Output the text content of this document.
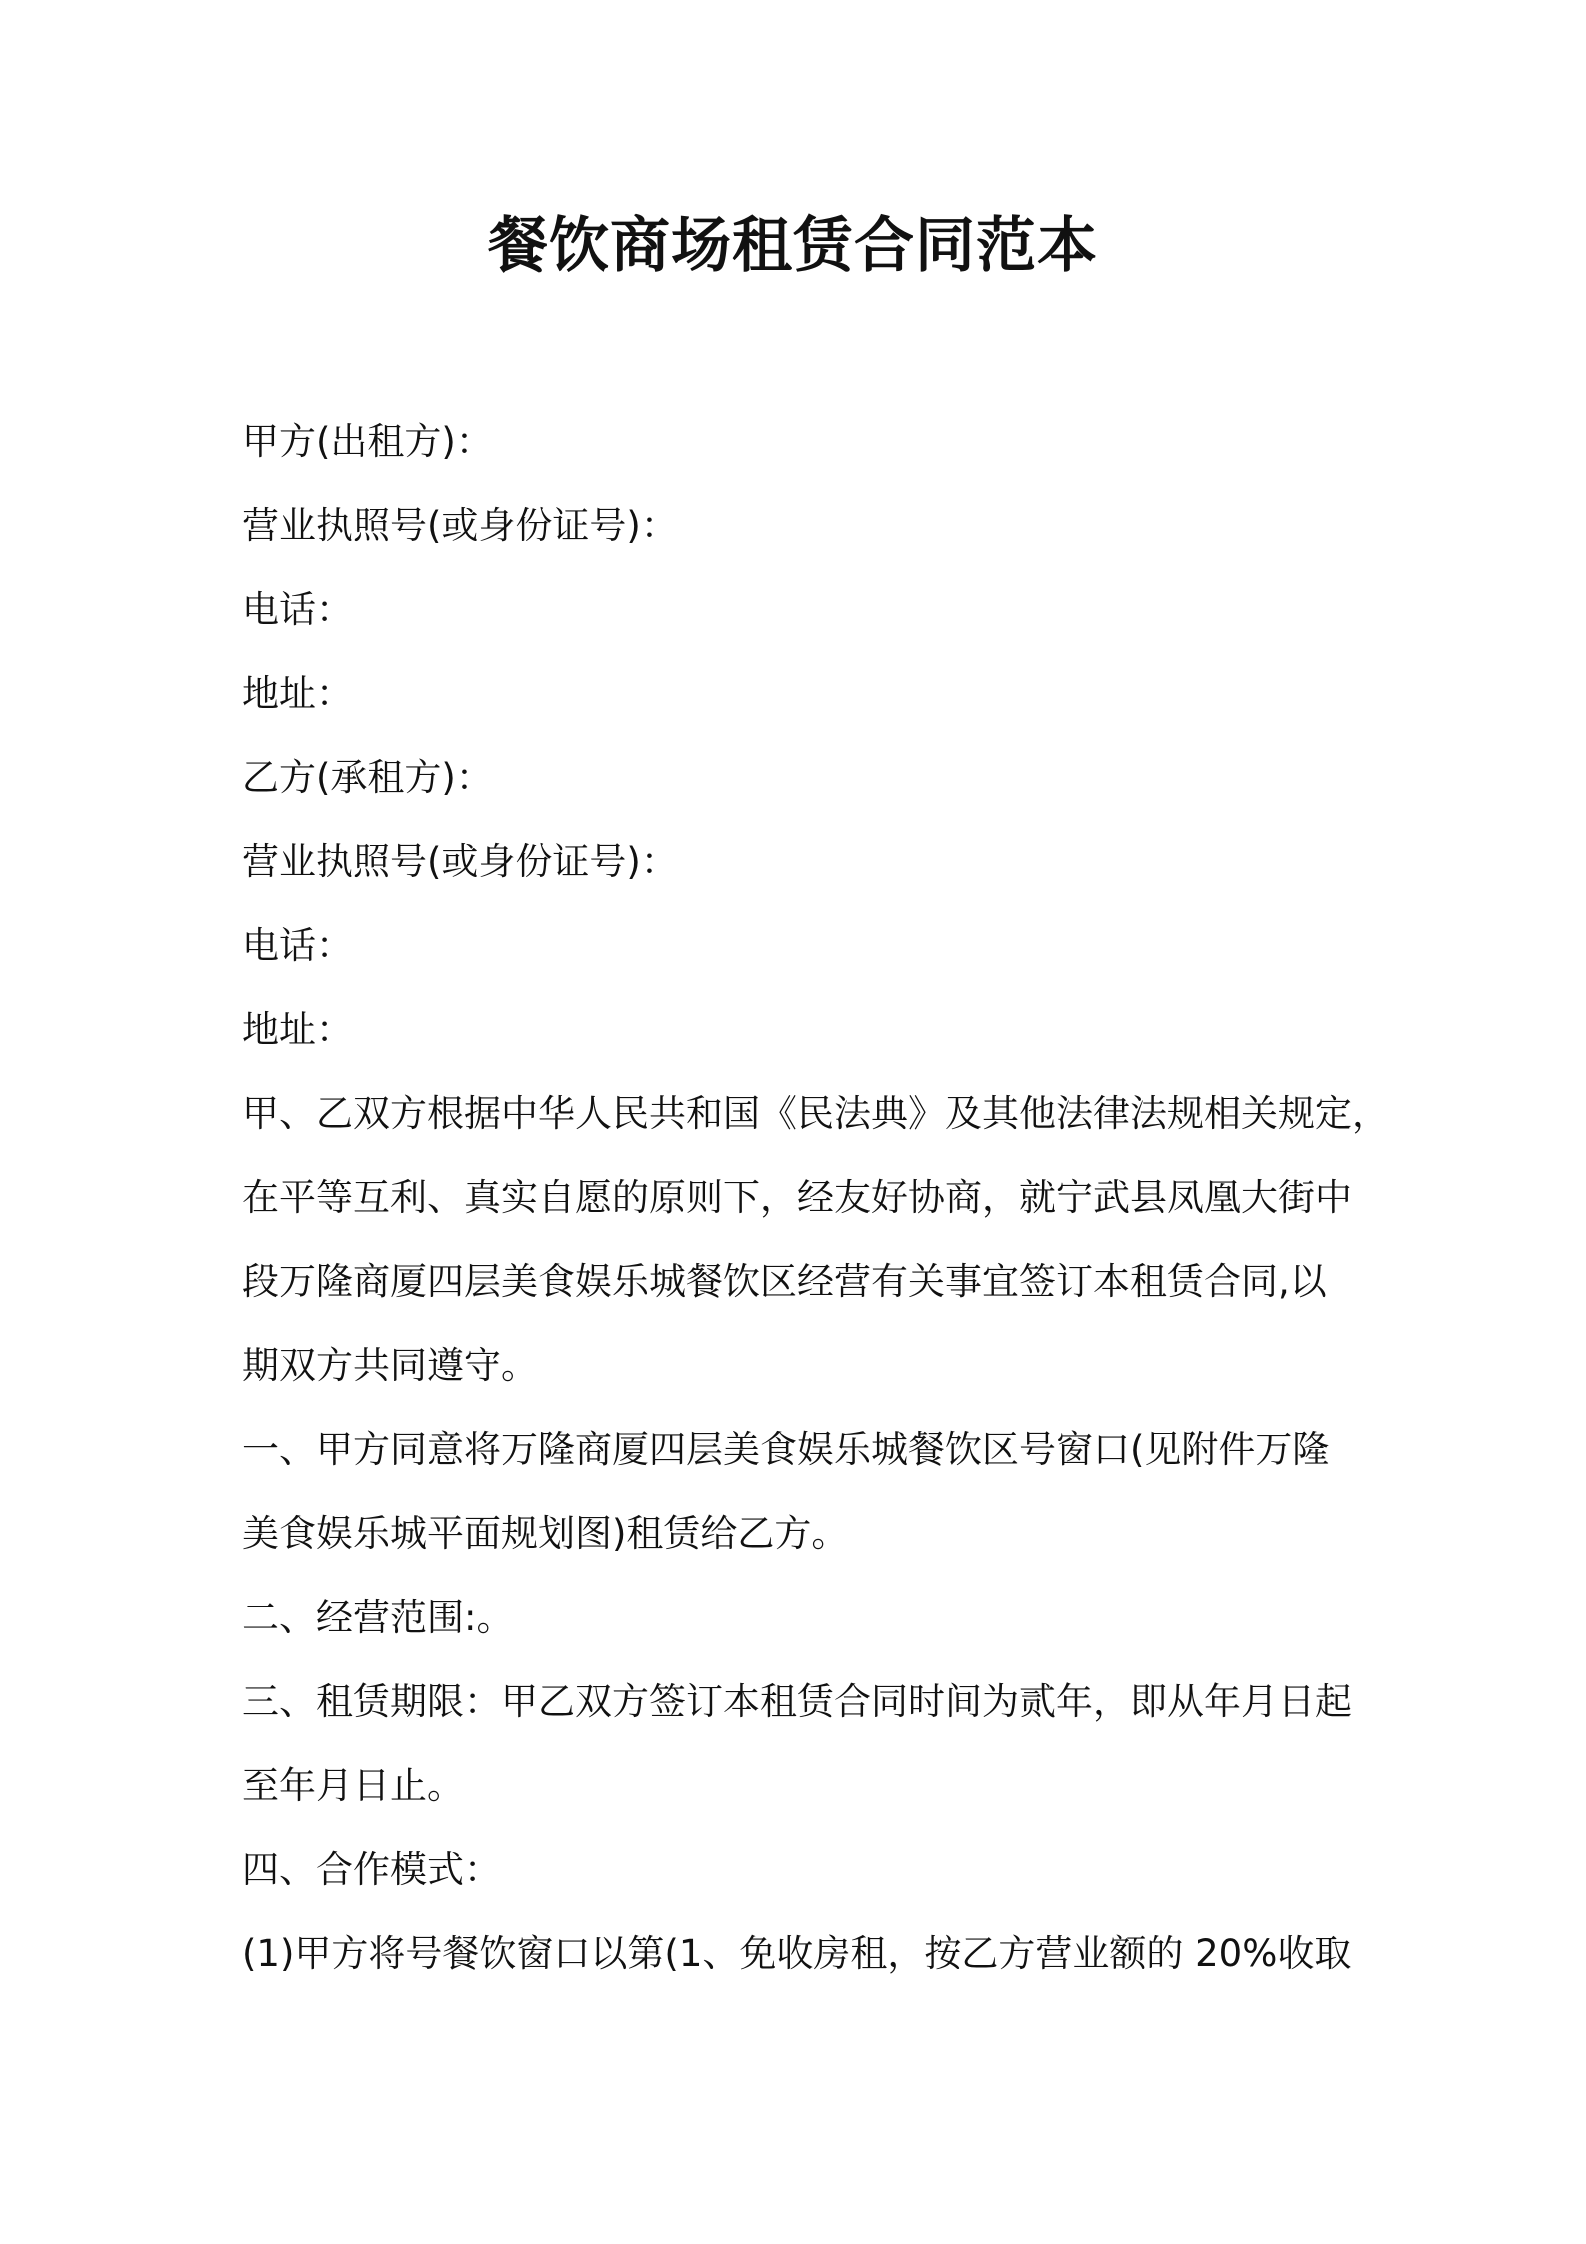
餐饮商场租赁合同范本
甲方(出租方)：
营业执照号(或身份证号)：
电话：
地址：
乙方(承租方)：
营业执照号(或身份证号)：
电话：
地址：
甲、乙双方根据中华人民共和国《民法典》及其他法律法规相关规定，
在平等互利、真实自愿的原则下，经友好协商，就宁武县凤凰大街中
段万隆商厦四层美食娱乐城餐饮区经营有关事宜签订本租赁合同,以
期双方共同遵守。
一、甲方同意将万隆商厦四层美食娱乐城餐饮区号窗口(见附件万隆
美食娱乐城平面规划图)租赁给乙方。
二、经营范围:。
三、租赁期限：甲乙双方签订本租赁合同时间为贰年，即从年月日起
至年月日止。
四、合作模式：
(1)甲方将号餐饮窗口以第(1、免收房租，按乙方营业额的 20%收取
